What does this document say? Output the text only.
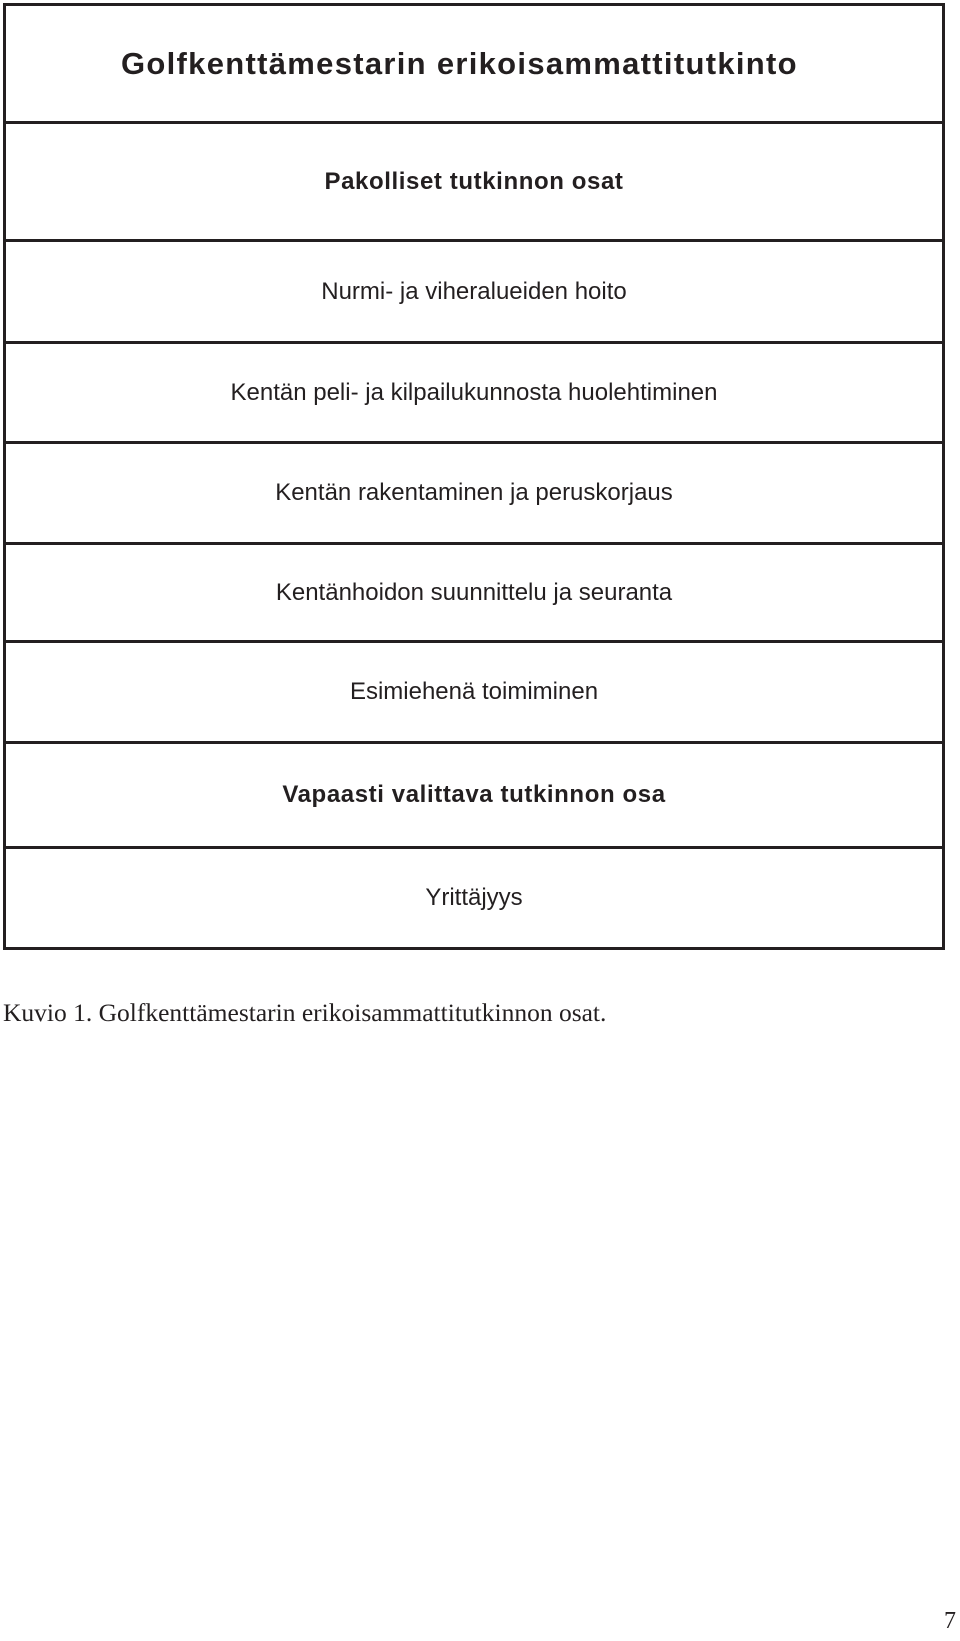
Golfkenttämestarin erikoisammattitutkinto
Pakolliset tutkinnon osat
Nurmi- ja viheralueiden hoito
Kentän peli- ja kilpailukunnosta huolehtiminen
Kentän rakentaminen ja peruskorjaus
Kentänhoidon suunnittelu ja seuranta
Esimiehenä toimiminen
Vapaasti valittava tutkinnon osa
Yrittäjyys
Kuvio 1. Golfkenttämestarin erikoisammattitutkinnon osat.
7
